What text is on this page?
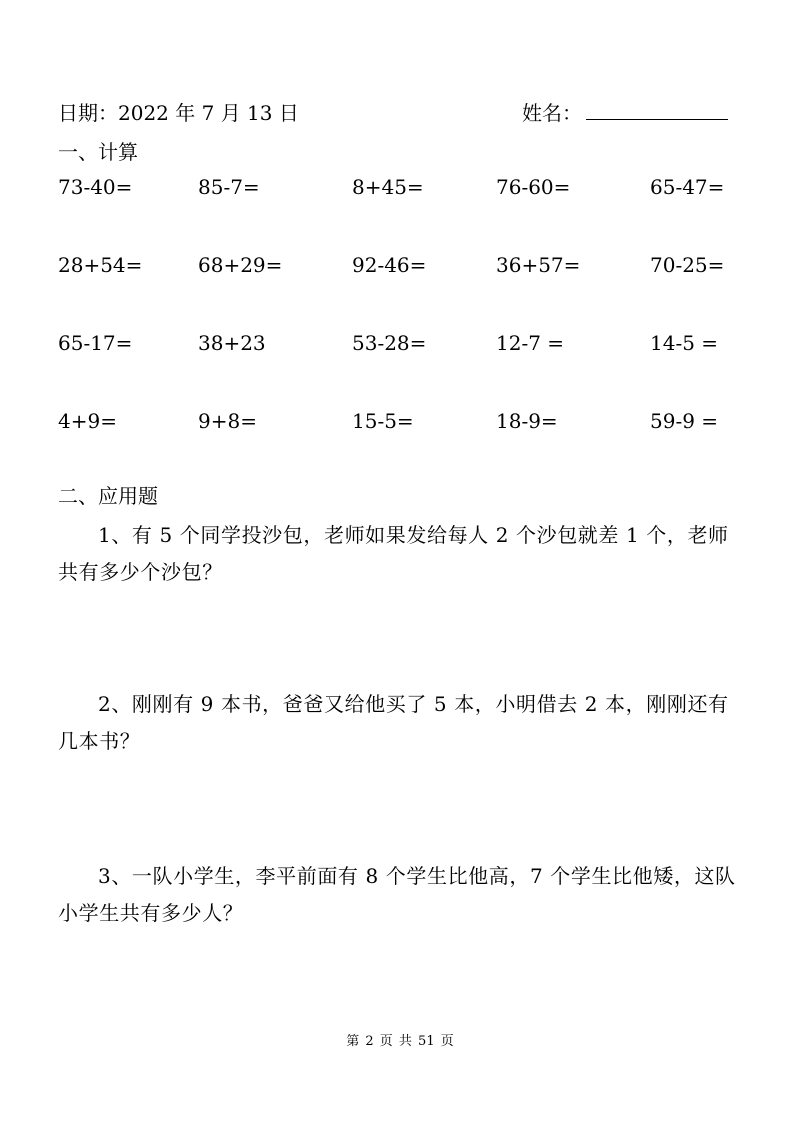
日期：2022 年 7 月 13 日	姓名：
一、计算
73-40=	85-7=	8+45=	76-60=	65-47=
28+54=	68+29=	92-46=	36+57=	70-25=
65-17=	38+23	53-28=	12-7 =	14-5 =
4+9=	9+8=	15-5=	18-9=	59-9 =
二、应用题
1、有 5 个同学投沙包，老师如果发给每人 2 个沙包就差 1 个，老师共有多少个沙包？
2、刚刚有 9 本书，爸爸又给他买了 5 本，小明借去 2 本，刚刚还有几本书？
3、一队小学生，李平前面有 8 个学生比他高，7 个学生比他矮，这队小学生共有多少人？
第 2 页 共 51 页
